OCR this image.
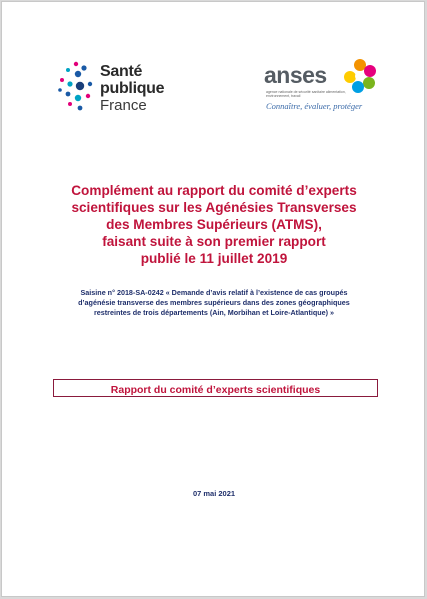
Santé
publique
France
anses
agence nationale de sécurité sanitaire alimentation, environnement, travail
Connaître, évaluer, protéger
Complément au rapport du comité d’experts
scientifiques sur les Agénésies Transverses
des Membres Supérieurs (ATMS),
faisant suite à son premier rapport
publié le 11 juillet 2019
Saisine n° 2018-SA-0242 « Demande d’avis relatif à l’existence de cas groupés
d’agénésie transverse des membres supérieurs dans des zones géographiques
restreintes de trois départements (Ain, Morbihan et Loire-Atlantique) »
Rapport du comité d’experts scientifiques
07 mai 2021
